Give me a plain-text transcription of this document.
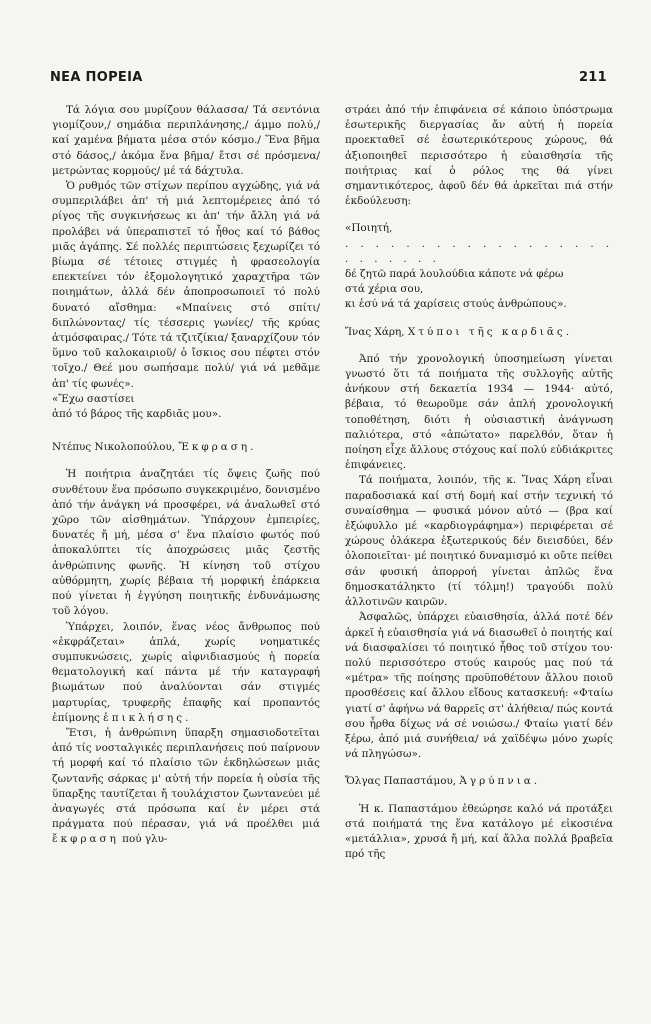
ΝΕΑ ΠΟΡΕΙΑ	211

Τά λόγια σου μυρίζουν θάλασσα/ Τά σεντόνια γιομίζουν,/ σημάδια περιπλάνησης,/ άμμο πολύ,/ καί χαμένα βήματα μέσα στόν κόσμο./ Ἕνα βῆμα στό δάσος,/ ἀκόμα ἕνα βῆμα/ ἔτσι σέ πρόσμενα/ μετρώντας κορμούς/ μέ τά δάχτυλα.

Ὁ ρυθμός τῶν στίχων περίπου αγχώδης, γιά νά συμπεριλάβει ἀπ' τή μιά λεπτομέρειες ἀπό τό ρίγος τῆς συγκινήσεως κι ἀπ' τήν ἄλλη γιά νά προλάβει νά ὑπεραπιστεῖ τό ἦθος καί τό βάθος μιᾶς ἀγάπης. Σέ πολλές περιπτώσεις ξεχωρίζει τό βίωμα σέ τέτοιες στιγμές ἡ φρασεολογία επεκτείνει τόν ἐξομολογητικό χαραχτῆρα τῶν ποιημάτων, ἀλλά δέν ἀποπροσωποιεῖ τό πολύ δυνατό αἴσθημα: «Μπαίνεις στό σπίτι/ διπλώνοντας/ τίς τέσσερις γωνίες/ τῆς κρύας ἀτμόσφαιρας./ Τότε τά τζιτζίκια/ ξαναρχίζουν τόν ὕμνο τοῦ καλοκαιριοῦ/ ὁ ἴσκιος σου πέφτει στόν τοῖχο./ Θεέ μου σωπήσαμε πολύ/ γιά νά μεθᾶμε ἀπ' τίς φωνές».

«Ἔχω σαστίσει

ἀπό τό βάρος τῆς καρδιᾶς μου».

Ντέπυς Νικολοπούλου, Ἔκφραση.

Ἡ ποιήτρια ἀναζητάει τίς ὄψεις ζωῆς πού συνθέτουν ἕνα πρόσωπο συγκεκριμένο, δονισμένο ἀπό τήν ἀνάγκη νά προσφέρει, νά ἀναλωθεῖ στό χῶρο τῶν αἰσθημάτων. Ὑπάρχουν ἐμπειρίες, δυνατές ἤ μή, μέσα σ' ἕνα πλαίσιο φωτός πού ἀποκαλύπτει τίς ἀποχρώσεις μιᾶς ζεστῆς ἀνθρώπινης φωνῆς. Ἡ κίνηση τοῦ στίχου αὐθόρμητη, χωρίς βέβαια τή μορφική ἐπάρκεια πού γίνεται ἡ ἐγγύηση ποιητικῆς ἐνδυνάμωσης τοῦ λόγου.

Ὑπάρχει, λοιπόν, ἕνας νέος ἄνθρωπος πού «ἐκφράζεται» ἁπλά, χωρίς νοηματικές συμπυκνώσεις, χωρίς αἰφνιδιασμούς ἡ πορεία θεματολογική καί πάντα μέ τήν καταγραφή βιωμάτων πού ἀναλύονται σάν στιγμές μαρτυρίας, τρυφερῆς ἐπαφῆς καί προπαντός ἐπίμονης ἐπικλήσης.

Ἔτσι, ἡ ἀνθρώπινη ὕπαρξη σημασιοδοτεῖται ἀπό τίς νοσταλγικές περιπλανήσεις πού παίρνουν τή μορφή καί τό πλαίσιο τῶν ἐκδηλώσεων μιᾶς ζωντανῆς σάρκας μ' αὐτή τήν πορεία ἡ οὐσία τῆς ὕπαρξης ταυτίζεται ἤ τουλάχιστον ζωντανεύει μέ ἀναγωγές στά πρόσωπα καί ἐν μέρει στά πράγματα πού πέρασαν, γιά νά προέλθει μιά ἔκφραση πού γλυ-

στράει ἀπό τήν ἐπιφάνεια σέ κάποιο ὑπόστρωμα ἐσωτερικῆς διεργασίας ἄν αὐτή ἡ πορεία προεκταθεῖ σέ ἐσωτερικότερους χώρους, θά ἀξιοποιηθεῖ περισσότερο ἡ εὐαισθησία τῆς ποιήτριας καί ὁ ρόλος της θά γίνει σημαντικότερος, ἀφοῦ δέν θά ἀρκεῖται πιά στήν ἐκδούλευση:

«Ποιητή,

. . . . . . . . . . . . . . . . . . . . . . . . .

δέ ζητῶ παρά λουλούδια κάποτε νά φέρω

στά χέρια σου,

κι ἐσύ νά τά χαρίσεις στούς ἀνθρώπους».

Ἴνας Χάρη, Χτύποι τῆς καρδιᾶς.

Ἀπό τήν χρονολογική ὑποσημείωση γίνεται γνωστό ὅτι τά ποιήματα τῆς συλλογῆς αὐτῆς ἀνήκουν στή δεκαετία 1934 — 1944· αὐτό, βέβαια, τό θεωροῦμε σάν ἁπλή χρονολογική τοποθέτηση, διότι ἡ οὐσιαστική ἀνάγνωση παλιότερα, στό «ἀπώτατο» παρελθόν, ὅταν ἡ ποίηση εἶχε ἄλλους στόχους καί πολύ εὐδιάκριτες ἐπιφάνειες.

Τά ποιήματα, λοιπόν, τῆς κ. Ἴνας Χάρη εἶναι παραδοσιακά καί στή δομή καί στήν τεχνική τό συναίσθημα — φυσικά μόνον αὐτό — (βρα καί ἐξώφυλλο μέ «καρδιογράφημα») περιφέρεται σέ χώρους ὀλάκερα ἐξωτερικούς δέν διεισδύει, δέν ὁλοποιεῖται· μέ ποιητικό δυναμισμό κι οὔτε πείθει σάν φυσική ἀπορροή γίνεται ἁπλῶς ἕνα δημοσκατάληκτο (τί τόλμη!) τραγούδι πολύ ἀλλοτινῶν καιρῶν.

Ἀσφαλῶς, ὑπάρχει εὐαισθησία, ἀλλά ποτέ δέν ἀρκεῖ ἡ εὐαισθησία γιά νά διασωθεῖ ὁ ποιητής καί νά διασφαλίσει τό ποιητικό ἦθος τοῦ στίχου του· πολύ περισσότερο στούς καιρούς μας πού τά «μέτρα» τῆς ποίησης προϋποθέτουν ἄλλου ποιοῦ προσθέσεις καί ἄλλου εἴδους κατασκευή: «Φταίω γιατί σ' ἀφήνω νά θαρρεῖς στ' ἀλήθεια/ πώς κοντά σου ἦρθα δίχως νά σέ νοιώσω./ Φταίω γιατί δέν ξέρω, ἀπό μιά συνήθεια/ νά χαϊδέψω μόνο χωρίς νά πληγώσω».

Ὄλγας Παπαστάμου, Ἀγρύπνια.

Ἡ κ. Παπαστάμου ἐθεώρησε καλό νά προτάξει στά ποιήματά της ἕνα κατάλογο μέ εἰκοσιένα «μετάλλια», χρυσά ἤ μή, καί ἄλλα πολλά βραβεῖα πρό τῆς
